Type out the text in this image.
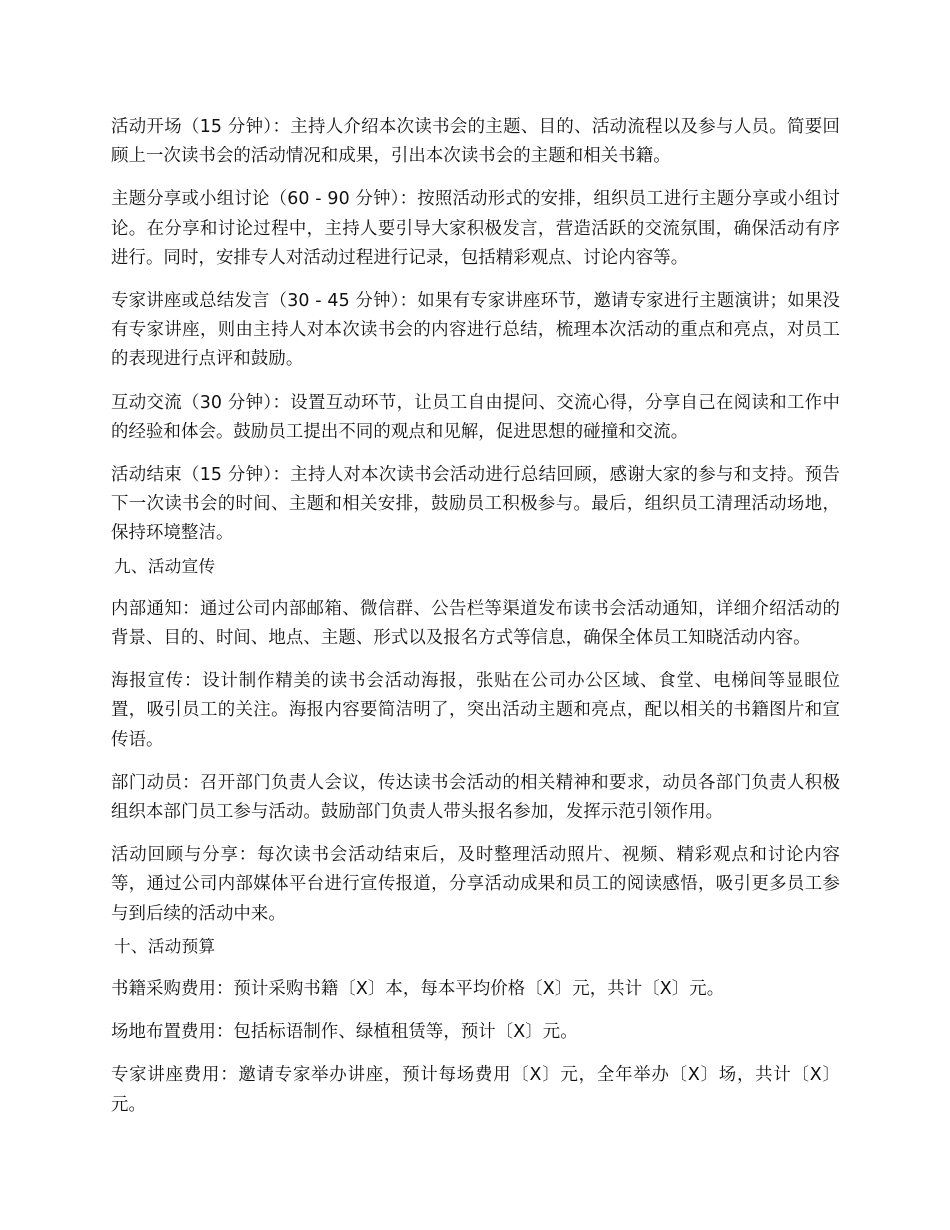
活动开场（15 分钟）：主持人介绍本次读书会的主题、目的、活动流程以及参与人员。简要回顾上一次读书会的活动情况和成果，引出本次读书会的主题和相关书籍。

主题分享或小组讨论（60 - 90 分钟）：按照活动形式的安排，组织员工进行主题分享或小组讨论。在分享和讨论过程中，主持人要引导大家积极发言，营造活跃的交流氛围，确保活动有序进行。同时，安排专人对活动过程进行记录，包括精彩观点、讨论内容等。

专家讲座或总结发言（30 - 45 分钟）：如果有专家讲座环节，邀请专家进行主题演讲；如果没有专家讲座，则由主持人对本次读书会的内容进行总结，梳理本次活动的重点和亮点，对员工的表现进行点评和鼓励。

互动交流（30 分钟）：设置互动环节，让员工自由提问、交流心得，分享自己在阅读和工作中的经验和体会。鼓励员工提出不同的观点和见解，促进思想的碰撞和交流。

活动结束（15 分钟）：主持人对本次读书会活动进行总结回顾，感谢大家的参与和支持。预告下一次读书会的时间、主题和相关安排，鼓励员工积极参与。最后，组织员工清理活动场地，保持环境整洁。

九、活动宣传

内部通知：通过公司内部邮箱、微信群、公告栏等渠道发布读书会活动通知，详细介绍活动的背景、目的、时间、地点、主题、形式以及报名方式等信息，确保全体员工知晓活动内容。

海报宣传：设计制作精美的读书会活动海报，张贴在公司办公区域、食堂、电梯间等显眼位置，吸引员工的关注。海报内容要简洁明了，突出活动主题和亮点，配以相关的书籍图片和宣传语。

部门动员：召开部门负责人会议，传达读书会活动的相关精神和要求，动员各部门负责人积极组织本部门员工参与活动。鼓励部门负责人带头报名参加，发挥示范引领作用。

活动回顾与分享：每次读书会活动结束后，及时整理活动照片、视频、精彩观点和讨论内容等，通过公司内部媒体平台进行宣传报道，分享活动成果和员工的阅读感悟，吸引更多员工参与到后续的活动中来。

十、活动预算

书籍采购费用：预计采购书籍〔X〕本，每本平均价格〔X〕元，共计〔X〕元。

场地布置费用：包括标语制作、绿植租赁等，预计〔X〕元。

专家讲座费用：邀请专家举办讲座，预计每场费用〔X〕元，全年举办〔X〕场，共计〔X〕元。
